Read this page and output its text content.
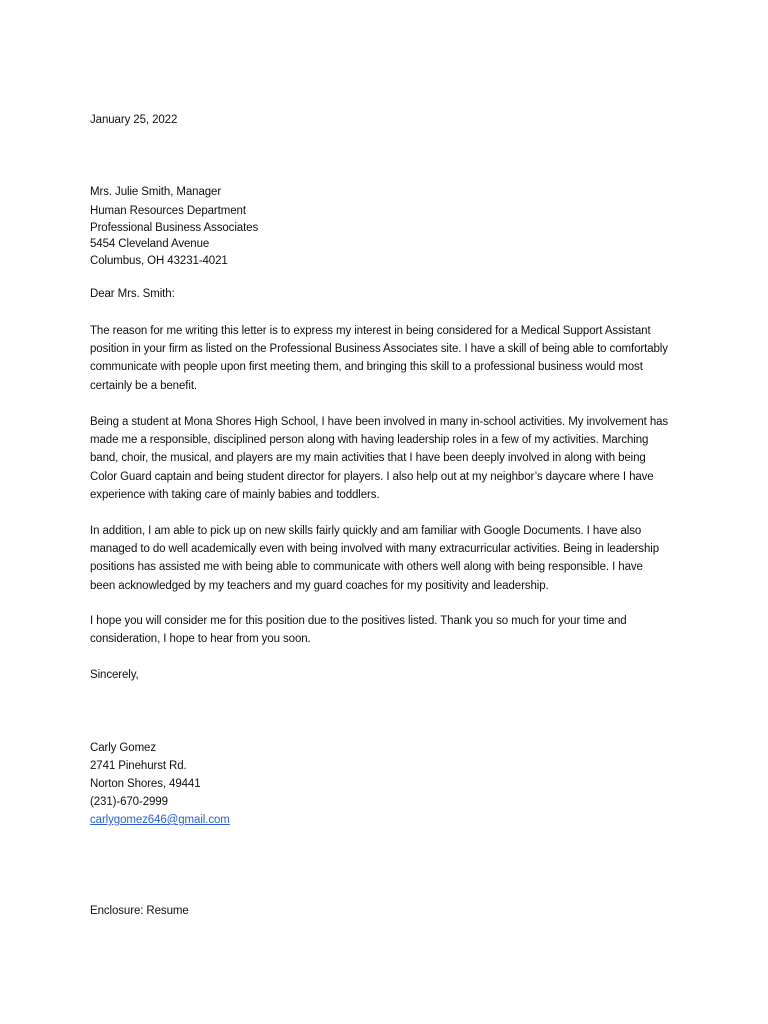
January 25, 2022
Mrs. Julie Smith, Manager
Human Resources Department
Professional Business Associates
5454 Cleveland Avenue
Columbus, OH 43231-4021
Dear Mrs. Smith:
The reason for me writing this letter is to express my interest in being considered for a Medical Support Assistant
position in your firm as listed on the Professional Business Associates site. I have a skill of being able to comfortably
communicate with people upon first meeting them, and bringing this skill to a professional business would most
certainly be a benefit.
Being a student at Mona Shores High School, I have been involved in many in-school activities. My involvement has
made me a responsible, disciplined person along with having leadership roles in a few of my activities. Marching
band, choir, the musical, and players are my main activities that I have been deeply involved in along with being
Color Guard captain and being student director for players. I also help out at my neighbor’s daycare where I have
experience with taking care of mainly babies and toddlers.
In addition, I am able to pick up on new skills fairly quickly and am familiar with Google Documents. I have also
managed to do well academically even with being involved with many extracurricular activities. Being in leadership
positions has assisted me with being able to communicate with others well along with being responsible. I have
been acknowledged by my teachers and my guard coaches for my positivity and leadership.
I hope you will consider me for this position due to the positives listed. Thank you so much for your time and
consideration, I hope to hear from you soon.
Sincerely,
Carly Gomez
2741 Pinehurst Rd.
Norton Shores, 49441
(231)-670-2999
carlygomez646@gmail.com
Enclosure: Resume
